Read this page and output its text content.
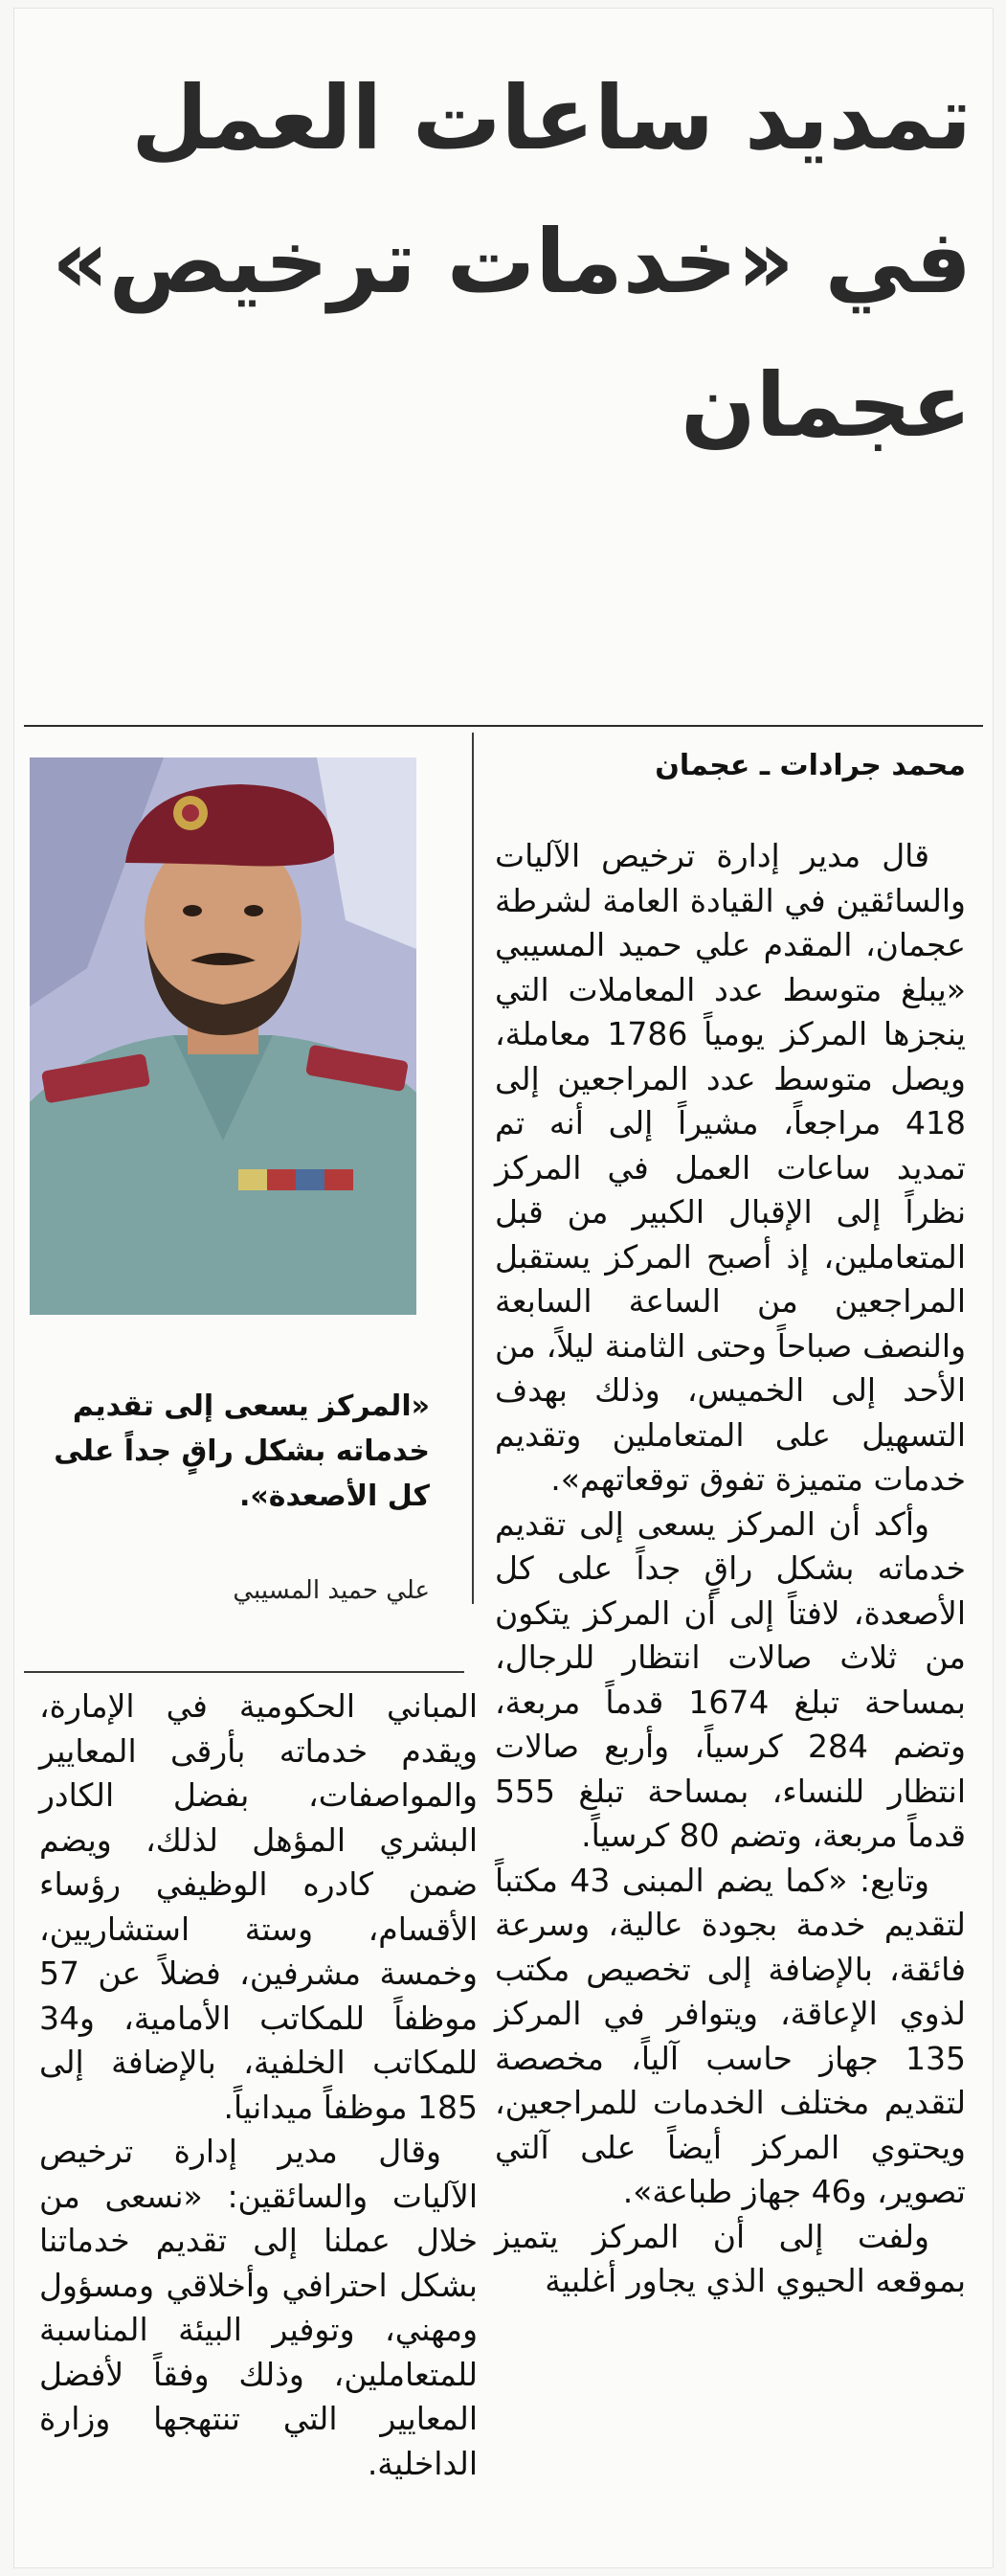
تمديد ساعات العمل
في «خدمات ترخيص»
عجمان
محمد جرادات ـ عجمان

قال مدير إدارة ترخيص الآليات والسائقين في القيادة العامة لشرطة عجمان، المقدم علي حميد المسيبي «يبلغ متوسط عدد المعاملات التي ينجزها المركز يومياً 1786 معاملة، ويصل متوسط عدد المراجعين إلى 418 مراجعاً، مشيراً إلى أنه تم تمديد ساعات العمل في المركز نظراً إلى الإقبال الكبير من قبل المتعاملين، إذ أصبح المركز يستقبل المراجعين من الساعة السابعة والنصف صباحاً وحتى الثامنة ليلاً، من الأحد إلى الخميس، وذلك بهدف التسهيل على المتعاملين وتقديم خدمات متميزة تفوق توقعاتهم».

وأكد أن المركز يسعى إلى تقديم خدماته بشكل راقٍ جداً على كل الأصعدة، لافتاً إلى أن المركز يتكون من ثلاث صالات انتظار للرجال، بمساحة تبلغ 1674 قدماً مربعة، وتضم 284 كرسياً، وأربع صالات انتظار للنساء، بمساحة تبلغ 555 قدماً مربعة، وتضم 80 كرسياً.

وتابع: «كما يضم المبنى 43 مكتباً لتقديم خدمة بجودة عالية، وسرعة فائقة، بالإضافة إلى تخصيص مكتب لذوي الإعاقة، ويتوافر في المركز 135 جهاز حاسب آلياً، مخصصة لتقديم مختلف الخدمات للمراجعين، ويحتوي المركز أيضاً على آلتي تصوير، و46 جهاز طباعة».

ولفت إلى أن المركز يتميز بموقعه الحيوي الذي يجاور أغلبية

«المركز يسعى إلى تقديم خدماته بشكل راقٍ جداً على كل الأصعدة».
علي حميد المسيبي

المباني الحكومية في الإمارة، ويقدم خدماته بأرقى المعايير والمواصفات، بفضل الكادر البشري المؤهل لذلك، ويضم ضمن كادره الوظيفي رؤساء الأقسام، وستة استشاريين، وخمسة مشرفين، فضلاً عن 57 موظفاً للمكاتب الأمامية، و34 للمكاتب الخلفية، بالإضافة إلى 185 موظفاً ميدانياً.

وقال مدير إدارة ترخيص الآليات والسائقين: «نسعى من خلال عملنا إلى تقديم خدماتنا بشكل احترافي وأخلاقي ومسؤول ومهني، وتوفير البيئة المناسبة للمتعاملين، وذلك وفقاً لأفضل المعايير التي تنتهجها وزارة الداخلية.
